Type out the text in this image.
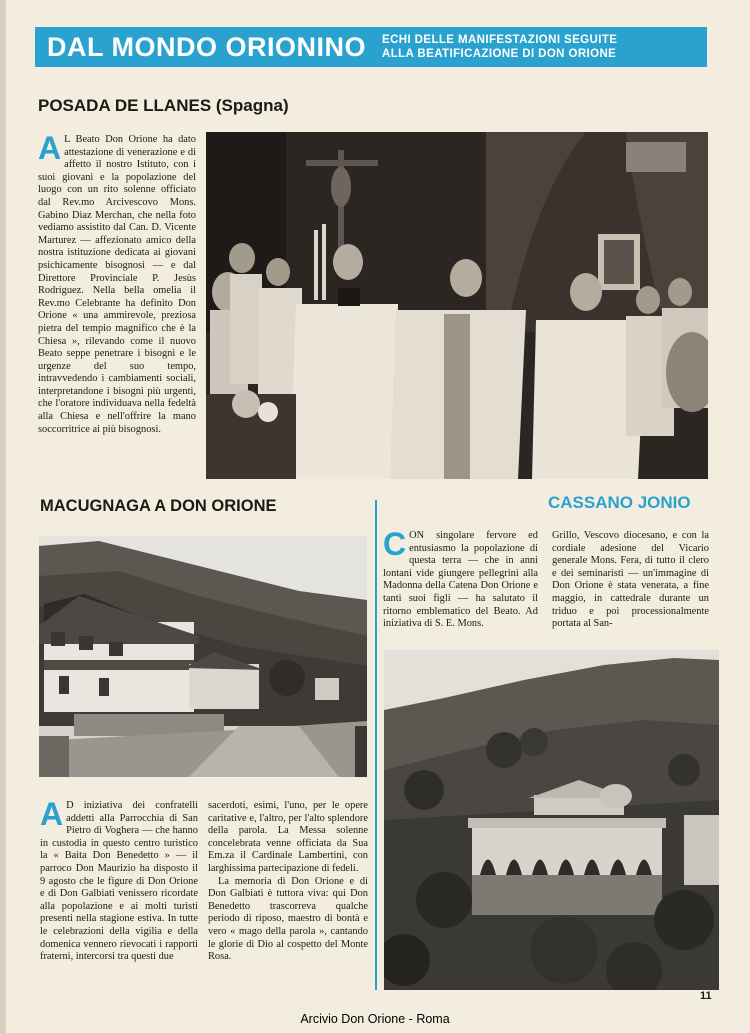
DAL MONDO ORIONINO ECHI DELLE MANIFESTAZIONI SEGUITE
ALLA BEATIFICAZIONE DI DON ORIONE
POSADA DE LLANES (Spagna)
A L Beato Don Orione ha dato attestazione di venerazione e di affetto il nostro Istituto, con i suoi giovani e la popolazione del luogo con un rito solenne officiato dal Rev.mo Arcivescovo Mons. Gabino Diaz Merchan, che nella foto vediamo assistito dal Can. D. Vicente Marturez — affezionato amico della nostra istituzione dedicata ai giovani psichicamente bisognosi — e dal Direttore Provinciale P. Jesùs Rodriguez. Nella bella omelia il Rev.mo Celebrante ha definito Don Orione « una ammirevole, preziosa pietra del tempio magnifico che è la Chiesa », rilevando come il nuovo Beato seppe penetrare i bisogni e le urgenze del suo tempo, intravvedendo i cambiamenti sociali, interpretandone i bisogni più urgenti, che l'oratore individuava nella fedeltà alla Chiesa e nell'offrire la mano soccorritrice ai più bisognosi.
MACUGNAGA A DON ORIONE
A D iniziativa dei confratelli addetti alla Parrocchia di San Pietro di Voghera — che hanno in custodia in questo centro turistico la « Baita Don Benedetto » — il parroco Don Maurizio ha disposto il 9 agosto che le figure di Don Orione e di Don Galbiati venissero ricordate alla popolazione e ai molti turisti presenti nella stagione estiva. In tutte le celebrazioni della vigilia e della domenica vennero rievocati i rapporti fraterni, intercorsi tra questi due
sacerdoti, esimi, l'uno, per le opere caritative e, l'altro, per l'alto splendore della parola. La Messa solenne concelebrata venne officiata da Sua Em.za il Cardinale Lambertini, con larghissima partecipazione di fedeli.
La memoria di Don Orione e di Don Galbiati è tuttora viva: qui Don Benedetto trascorreva qualche periodo di riposo, maestro di bontà e vero « mago della parola », cantando le glorie di Dio al cospetto del Monte Rosa.
CASSANO JONIO
C ON singolare fervore ed entusiasmo la popolazione di questa terra — che in anni lontani vide giungere pellegrini alla Madonna della Catena Don Orione e tanti suoi figli — ha salutato il ritorno emblematico del Beato. Ad iniziativa di S. E. Mons.
Grillo, Vescovo diocesano, e con la cordiale adesione del Vicario generale Mons. Fera, di tutto il clero e dei seminaristi — un'immagine di Don Orione è stata venerata, a fine maggio, in cattedrale durante un triduo e poi processionalmente portata al San-
11
Arcivio Don Orione - Roma
